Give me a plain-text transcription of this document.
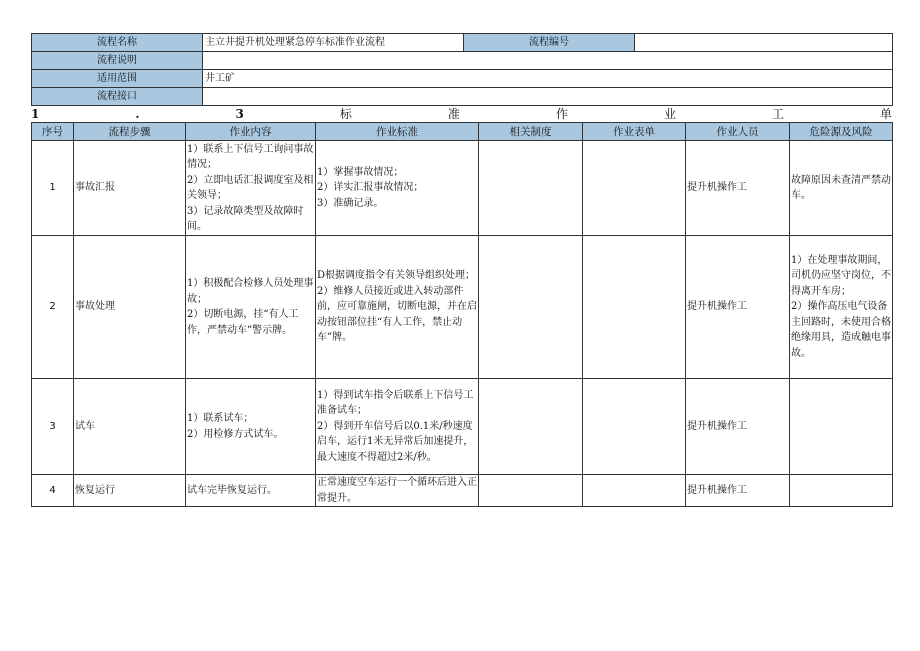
流程名称	主立井提升机处理紧急停车标准作业流程	流程编号	
流程说明			
适用范围	井工矿		
流程接口			
1	.	3	标	准	作	业	工	单
序号	流程步骤	作业内容	作业标准	相关制度	作业表单	作业人员	危险源及风险
1	事故汇报	1）联系上下信号工询问事故情况；
2）立即电话汇报调度室及相关领导；
3）记录故障类型及故障时间。	1）掌握事故情况；
2）详实汇报事故情况；
3）准确记录。			提升机操作工	故障原因未查清严禁动车。

2	事故处理	1）积极配合检修人员处理事故；
2）切断电源，挂“有人工作，严禁动车”警示牌。	D根据调度指令有关领导组织处理；
2）维修人员接近或进入转动部件前，应可靠施闸，切断电源，并在启动按钮部位挂“有人工作，禁止动车”牌。			提升机操作工	1）在处理事故期间，司机仍应坚守岗位，不得离开车房；
2）操作高压电气设备主回路时，未使用合格绝缘用具，造成触电事故。

3	试车	1）联系试车；
2）用检修方式试车。	1）得到试车指令后联系上下信号工准备试车；
2）得到开车信号后以0.1米/秒速度启车，运行1米无异常后加速提升，最大速度不得超过2米/秒。			提升机操作工	
4	恢复运行	试车完毕恢复运行。	正常速度空车运行一个循环后进入正常提升。			提升机操作工	
